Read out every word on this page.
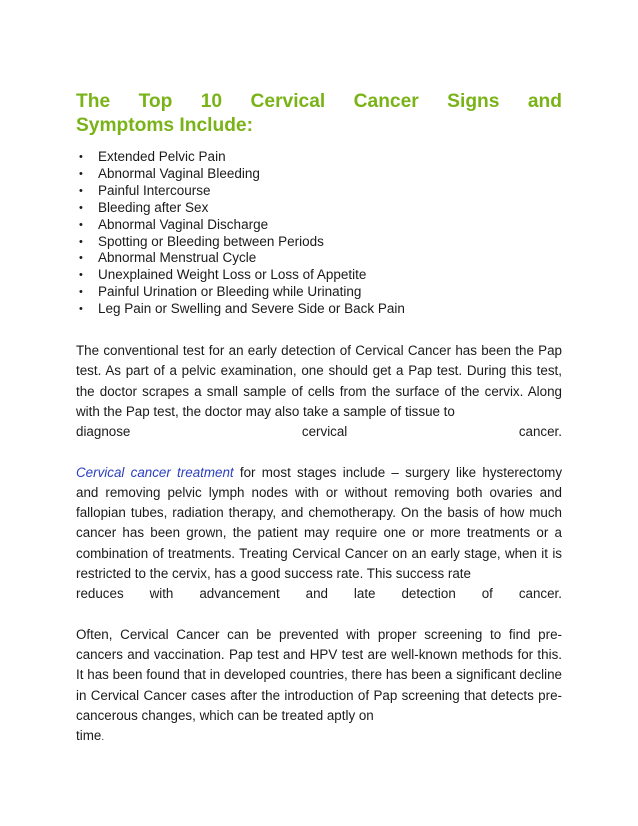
The Top 10 Cervical Cancer Signs and
Symptoms Include:
• Extended Pelvic Pain
• Abnormal Vaginal Bleeding
• Painful Intercourse
• Bleeding after Sex
• Abnormal Vaginal Discharge
• Spotting or Bleeding between Periods
• Abnormal Menstrual Cycle
• Unexplained Weight Loss or Loss of Appetite
• Painful Urination or Bleeding while Urinating
• Leg Pain or Swelling and Severe Side or Back Pain

The conventional test for an early detection of Cervical Cancer has been the Pap test. As part of a pelvic examination, one should get a Pap test. During this test, the doctor scrapes a small sample of cells from the surface of the cervix. Along with the Pap test, the doctor may also take a sample of tissue to
diagnose cervical cancer.

Cervical cancer treatment for most stages include – surgery like hysterectomy and removing pelvic lymph nodes with or without removing both ovaries and fallopian tubes, radiation therapy, and chemotherapy. On the basis of how much cancer has been grown, the patient may require one or more treatments or a combination of treatments. Treating Cervical Cancer on an early stage, when it is restricted to the cervix, has a good success rate. This success rate
reduces with advancement and late detection of cancer.

Often, Cervical Cancer can be prevented with proper screening to find pre-cancers and vaccination. Pap test and HPV test are well-known methods for this. It has been found that in developed countries, there has been a significant decline in Cervical Cancer cases after the introduction of Pap screening that detects pre-cancerous changes, which can be treated aptly on
time.
